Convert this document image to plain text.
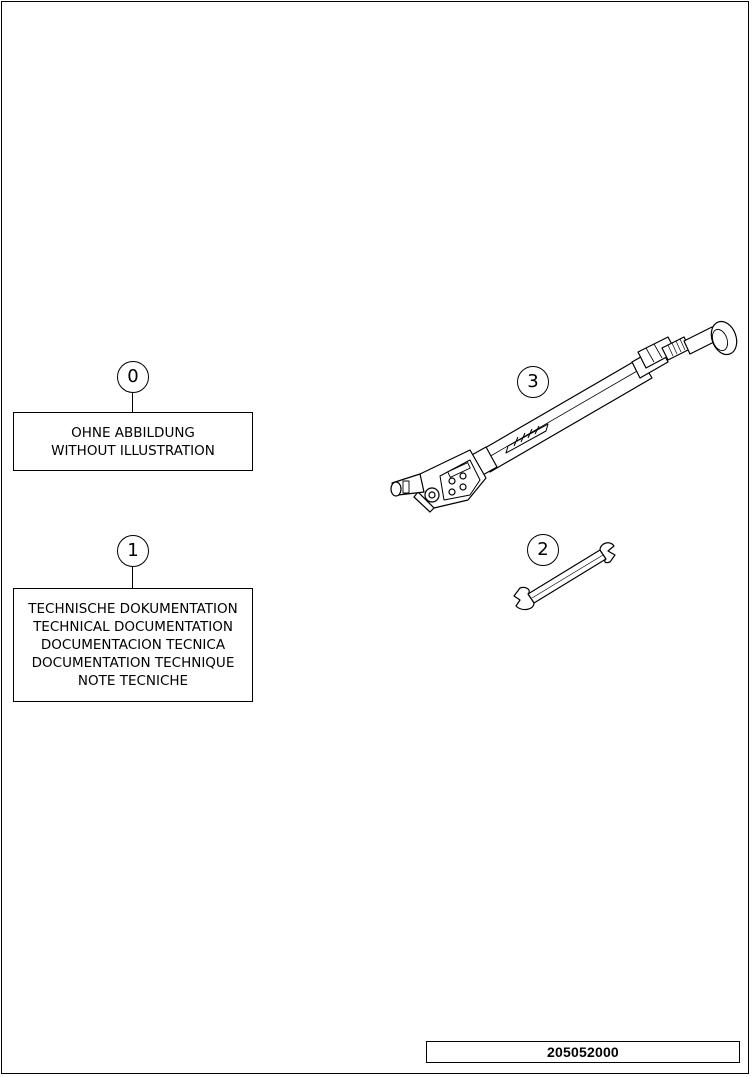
0
OHNE ABBILDUNG
WITHOUT ILLUSTRATION
1
TECHNISCHE DOKUMENTATION
TECHNICAL DOCUMENTATION
DOCUMENTACION TECNICA
DOCUMENTATION TECHNIQUE
NOTE TECNICHE
3
2
205052000
